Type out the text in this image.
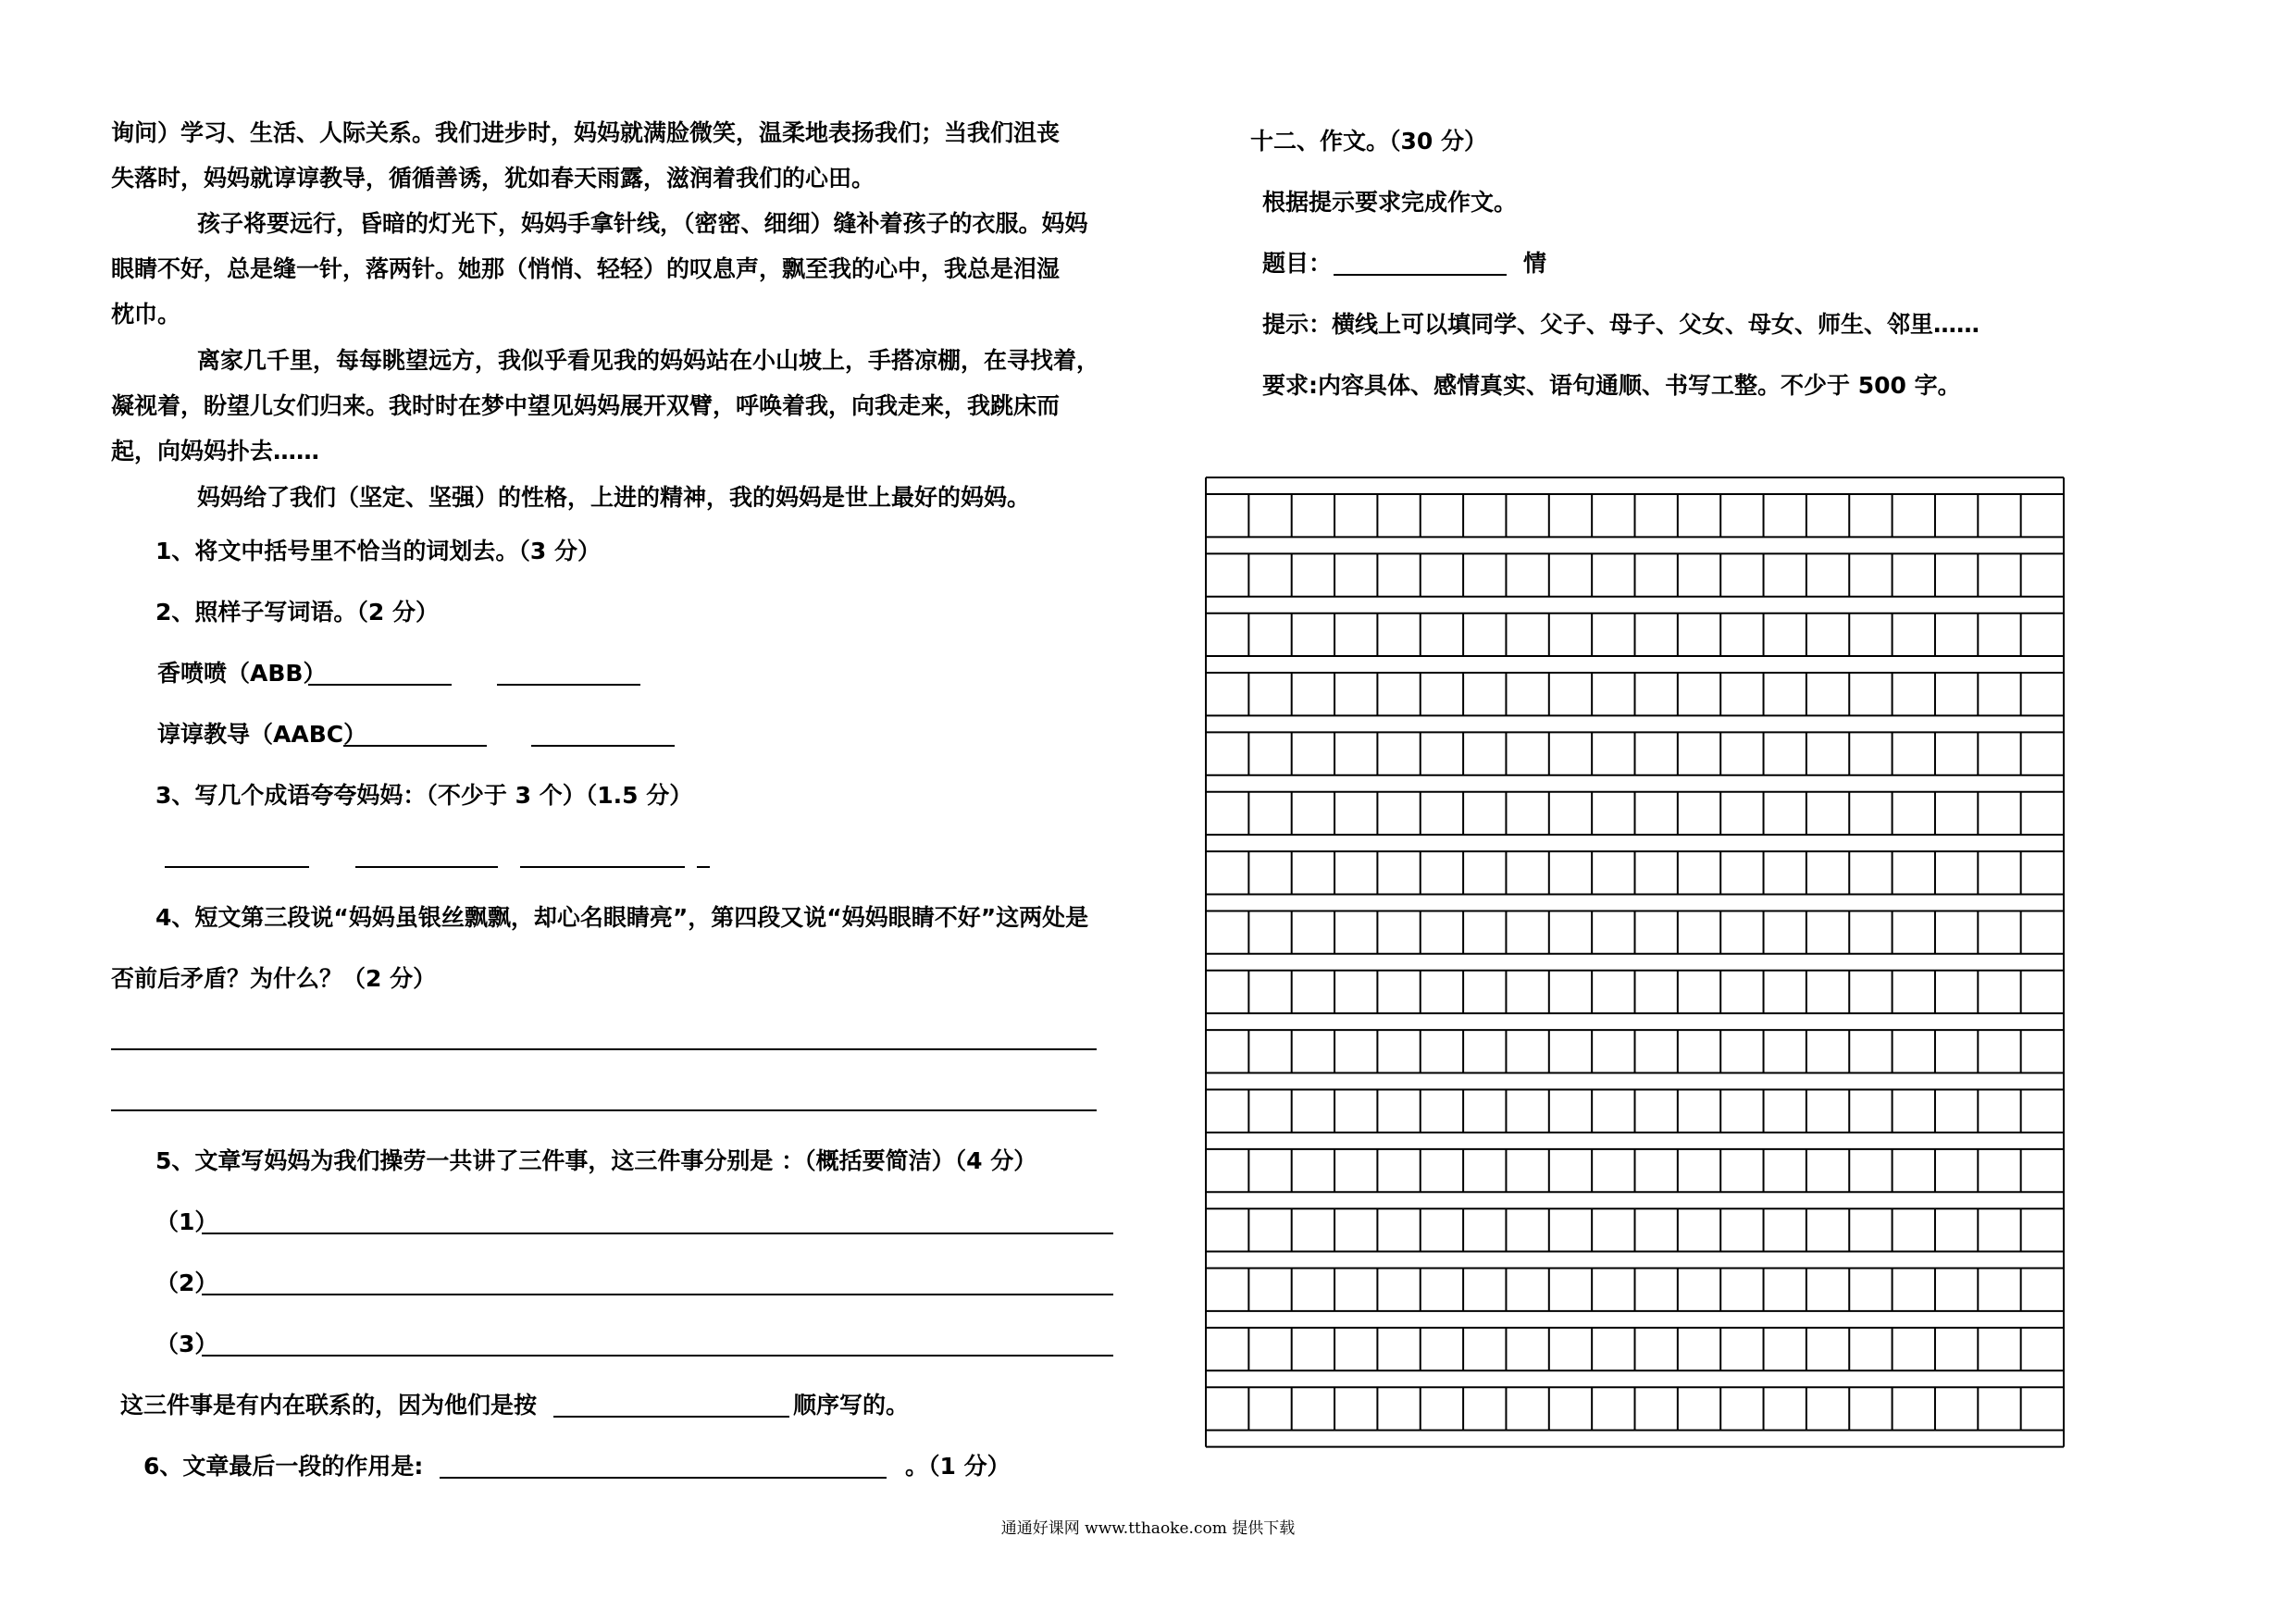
询问）学习、生活、人际关系。我们进步时，妈妈就满脸微笑，温柔地表扬我们；当我们沮丧
失落时，妈妈就谆谆教导，循循善诱，犹如春天雨露，滋润着我们的心田。
孩子将要远行，昏暗的灯光下，妈妈手拿针线，（密密、细细）缝补着孩子的衣服。妈妈
眼睛不好，总是缝一针，落两针。她那（悄悄、轻轻）的叹息声，飘至我的心中，我总是泪湿
枕巾。
离家几千里，每每眺望远方，我似乎看见我的妈妈站在小山坡上，手搭凉棚，在寻找着，
凝视着，盼望儿女们归来。我时时在梦中望见妈妈展开双臂，呼唤着我，向我走来，我跳床而
起，向妈妈扑去……
妈妈给了我们（坚定、坚强）的性格，上进的精神，我的妈妈是世上最好的妈妈。
1、将文中括号里不恰当的词划去。（3 分）
2、照样子写词语。（2 分）
香喷喷（ABB）
谆谆教导（AABC）
3、写几个成语夸夸妈妈：（不少于 3 个）（1.5 分）
4、短文第三段说“妈妈虽银丝飘飘，却心名眼睛亮”，第四段又说“妈妈眼睛不好”这两处是
否前后矛盾？为什么？（2 分）
5、文章写妈妈为我们操劳一共讲了三件事，这三件事分别是 ：（概括要简洁）（4 分）
（1）
（2）
（3）
这三件事是有内在联系的，因为他们是按	顺序写的。
6、文章最后一段的作用是:	。（1 分）
十二、作文。（30 分）
根据提示要求完成作文。
题目：	情
提示：横线上可以填同学、父子、母子、父女、母女、师生、邻里……
要求:内容具体、感情真实、语句通顺、书写工整。不少于 500 字。
通通好课网 www.tthaoke.com 提供下载
